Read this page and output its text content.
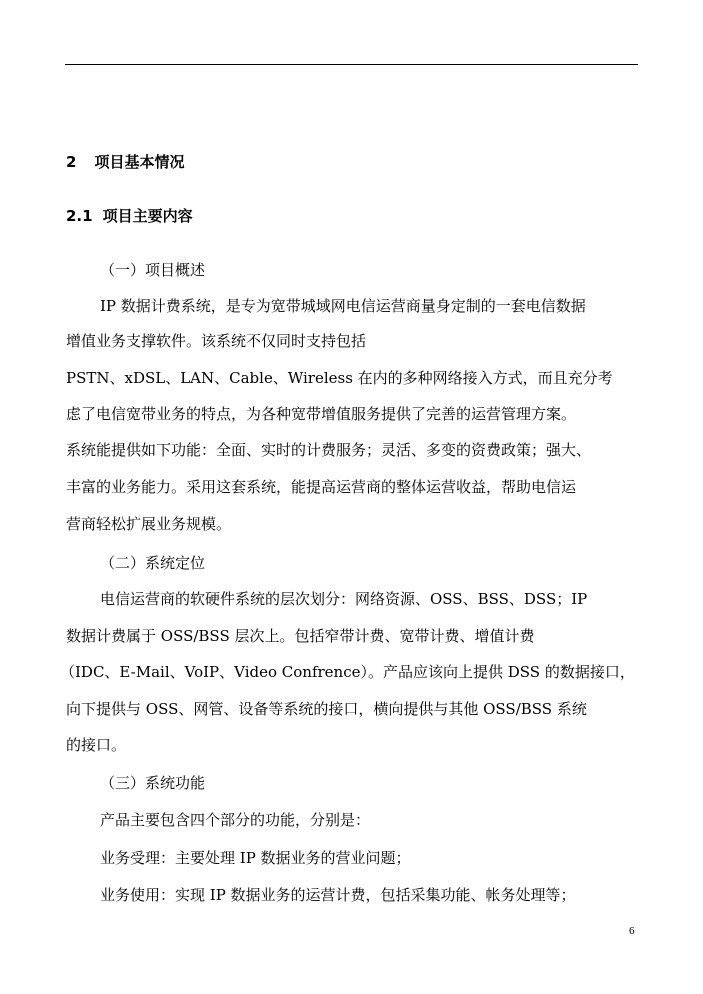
2 项目基本情况
2.1 项目主要内容
（一）项目概述
IP 数据计费系统，是专为宽带城域网电信运营商量身定制的一套电信数据
增值业务支撑软件。该系统不仅同时支持包括
PSTN、xDSL、LAN、Cable、Wireless 在内的多种网络接入方式，而且充分考
虑了电信宽带业务的特点，为各种宽带增值服务提供了完善的运营管理方案。
系统能提供如下功能：全面、实时的计费服务；灵活、多变的资费政策；强大、
丰富的业务能力。采用这套系统，能提高运营商的整体运营收益，帮助电信运
营商轻松扩展业务规模。
（二）系统定位
电信运营商的软硬件系统的层次划分：网络资源、OSS、BSS、DSS；IP
数据计费属于 OSS/BSS 层次上。包括窄带计费、宽带计费、增值计费
（IDC、E-Mail、VoIP、Video Confrence）。产品应该向上提供 DSS 的数据接口，
向下提供与 OSS、网管、设备等系统的接口，横向提供与其他 OSS/BSS 系统
的接口。
（三）系统功能
产品主要包含四个部分的功能，分别是：
业务受理：主要处理 IP 数据业务的营业问题；
业务使用：实现 IP 数据业务的运营计费，包括采集功能、帐务处理等；
6
